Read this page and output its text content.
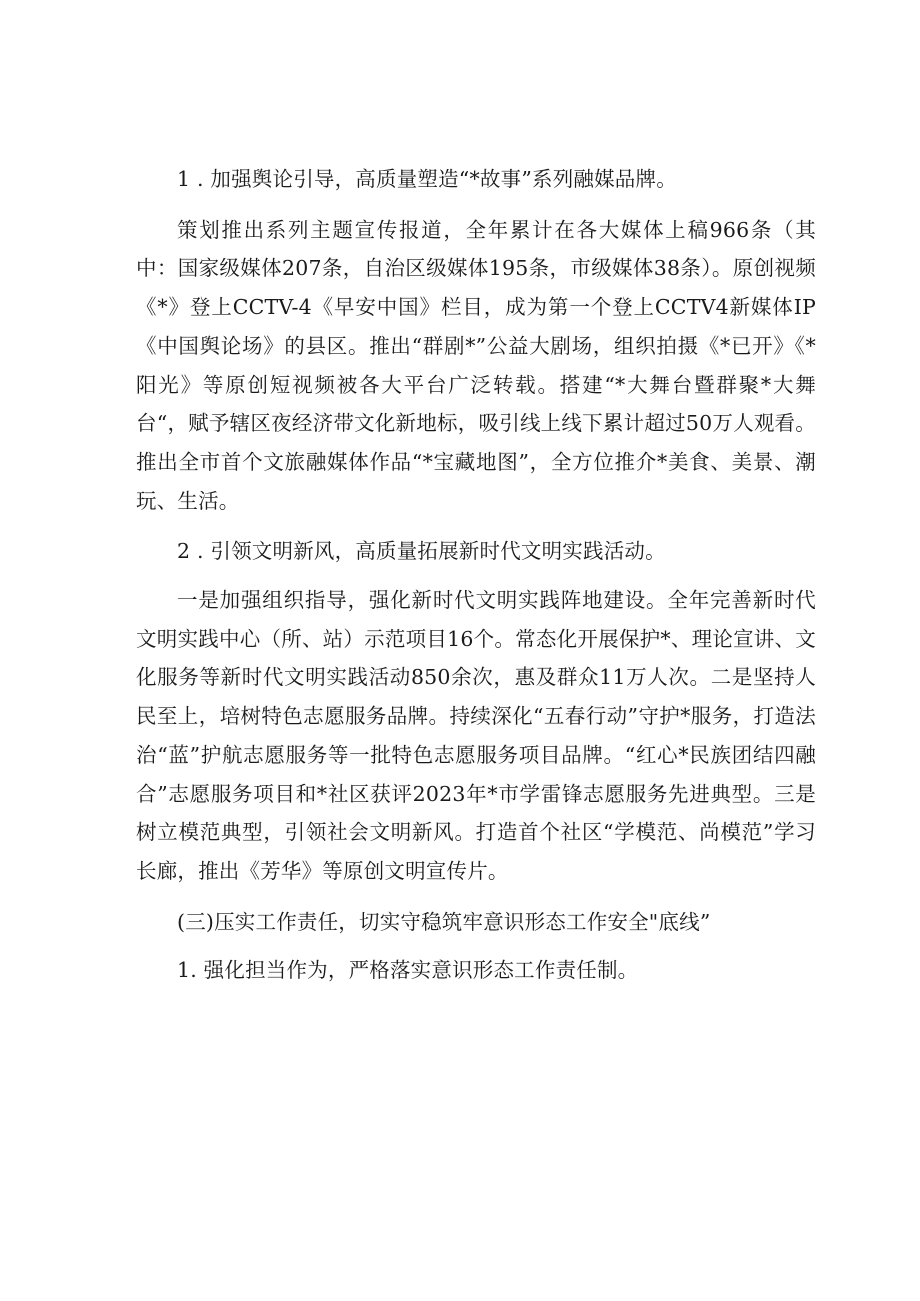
1 . 加强舆论引导，高质量塑造“*故事”系列融媒品牌。

策划推出系列主题宣传报道，全年累计在各大媒体上稿966条（其中：国家级媒体207条，自治区级媒体195条，市级媒体38条）。原创视频《*》登上CCTV-4《早安中国》栏目，成为第一个登上CCTV4新媒体IP《中国舆论场》的县区。推出“群剧*”公益大剧场，组织拍摄《*已开》《*阳光》等原创短视频被各大平台广泛转载。搭建“*大舞台暨群聚*大舞台“，赋予辖区夜经济带文化新地标，吸引线上线下累计超过50万人观看。推出全市首个文旅融媒体作品“*宝藏地图”，全方位推介*美食、美景、潮玩、生活。

2 . 引领文明新风，高质量拓展新时代文明实践活动。

一是加强组织指导，强化新时代文明实践阵地建设。全年完善新时代文明实践中心（所、站）示范项目16个。常态化开展保护*、理论宣讲、文化服务等新时代文明实践活动850余次，惠及群众11万人次。二是坚持人民至上，培树特色志愿服务品牌。持续深化“五春行动”守护*服务，打造法治“蓝”护航志愿服务等一批特色志愿服务项目品牌。“红心*民族团结四融合”志愿服务项目和*社区获评2023年*市学雷锋志愿服务先进典型。三是树立模范典型，引领社会文明新风。打造首个社区“学模范、尚模范”学习长廊，推出《芳华》等原创文明宣传片。

(三)压实工作责任，切实守稳筑牢意识形态工作安全"底线”

1. 强化担当作为，严格落实意识形态工作责任制。
